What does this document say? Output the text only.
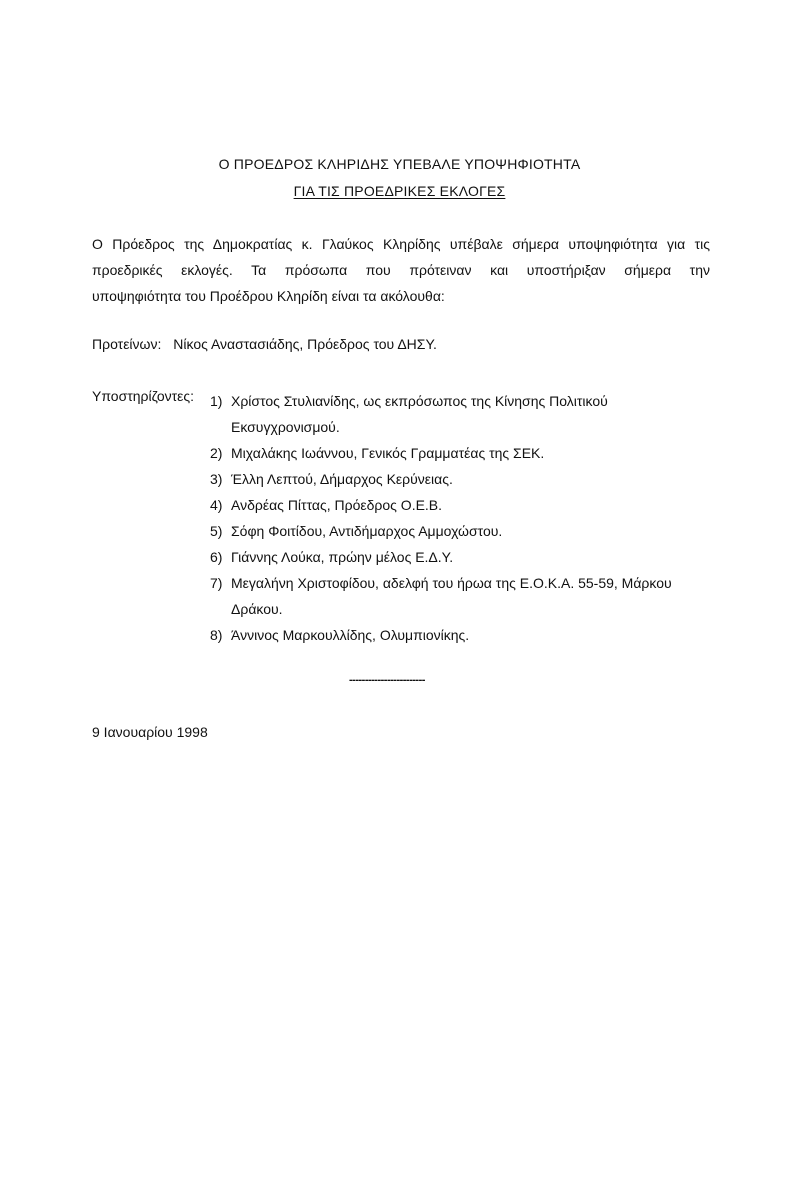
Ο ΠΡΟΕΔΡΟΣ ΚΛΗΡΙΔΗΣ ΥΠΕΒΑΛΕ ΥΠΟΨΗΦΙΟΤΗΤΑ
ΓΙΑ ΤΙΣ ΠΡΟΕΔΡΙΚΕΣ ΕΚΛΟΓΕΣ
Ο Πρόεδρος της Δημοκρατίας κ. Γλαύκος Κληρίδης υπέβαλε σήμερα υποψηφιότητα για τις
προεδρικές εκλογές. Τα πρόσωπα που πρότειναν και υποστήριξαν σήμερα την
υποψηφιότητα του Προέδρου Κληρίδη είναι τα ακόλουθα:
Προτείνων: Νίκος Αναστασιάδης, Πρόεδρος του ΔΗΣΥ.
Υποστηρίζοντες: 1) Χρίστος Στυλιανίδης, ως εκπρόσωπος της Κίνησης Πολιτικού Εκσυγχρονισμού.
2) Μιχαλάκης Ιωάννου, Γενικός Γραμματέας της ΣΕΚ.
3) Έλλη Λεπτού, Δήμαρχος Κερύνειας.
4) Ανδρέας Πίττας, Πρόεδρος Ο.Ε.Β.
5) Σόφη Φοιτίδου, Αντιδήμαρχος Αμμοχώστου.
6) Γιάννης Λούκα, πρώην μέλος Ε.Δ.Υ.
7) Μεγαλήνη Χριστοφίδου, αδελφή του ήρωα της Ε.Ο.Κ.Α. 55-59, Μάρκου Δράκου.
8) Άννινος Μαρκουλλίδης, Ολυμπιονίκης.
------------------------
9 Ιανουαρίου 1998
